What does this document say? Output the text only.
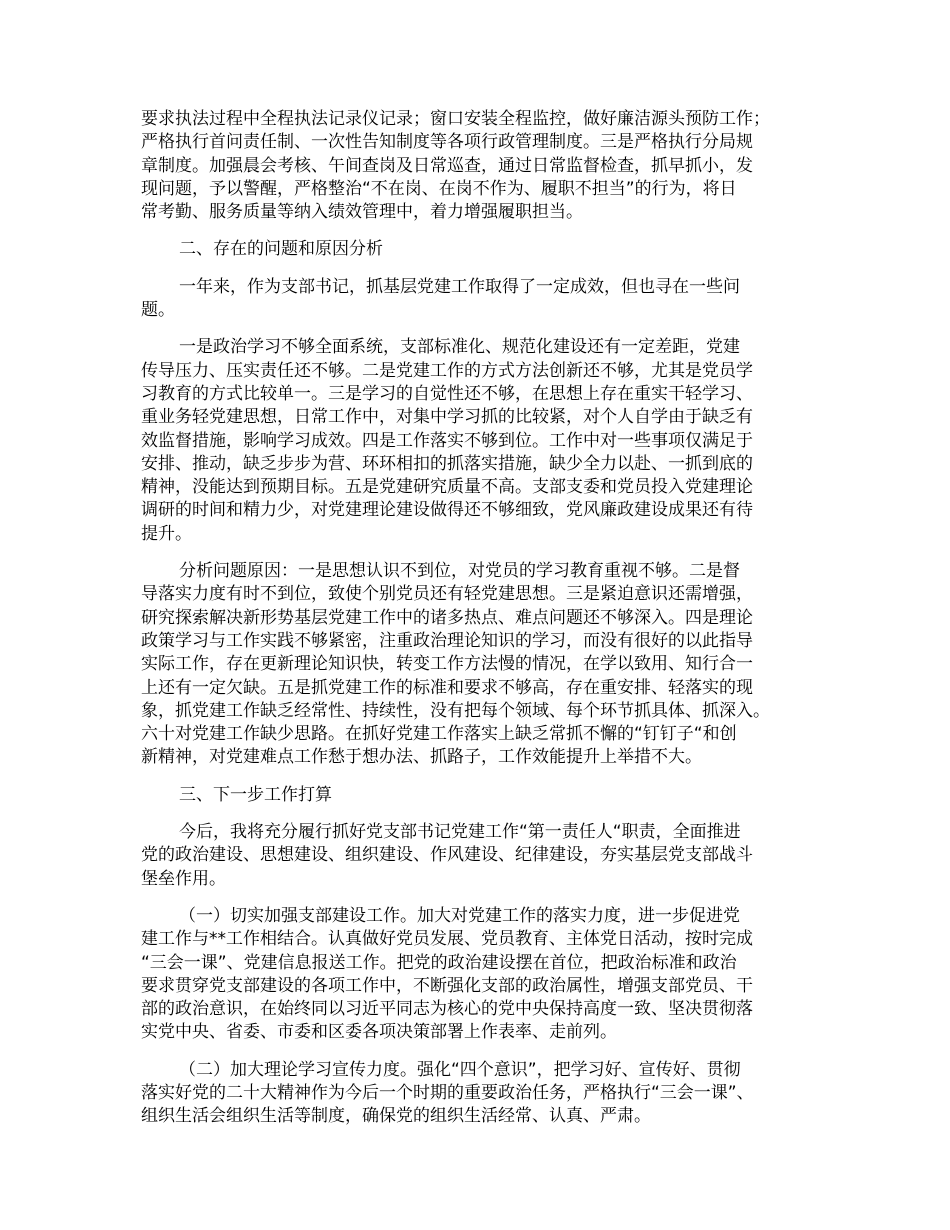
要求执法过程中全程执法记录仪记录；窗口安装全程监控，做好廉洁源头预防工作；
严格执行首问责任制、一次性告知制度等各项行政管理制度。三是严格执行分局规
章制度。加强晨会考核、午间查岗及日常巡查，通过日常监督检查，抓早抓小，发
现问题，予以警醒，严格整治“不在岗、在岗不作为、履职不担当”的行为，将日
常考勤、服务质量等纳入绩效管理中，着力增强履职担当。

二、存在的问题和原因分析

一年来，作为支部书记，抓基层党建工作取得了一定成效，但也寻在一些问
题。

一是政治学习不够全面系统，支部标准化、规范化建设还有一定差距，党建
传导压力、压实责任还不够。二是党建工作的方式方法创新还不够，尤其是党员学
习教育的方式比较单一。三是学习的自觉性还不够，在思想上存在重实干轻学习、
重业务轻党建思想，日常工作中，对集中学习抓的比较紧，对个人自学由于缺乏有
效监督措施，影响学习成效。四是工作落实不够到位。工作中对一些事项仅满足于
安排、推动，缺乏步步为营、环环相扣的抓落实措施，缺少全力以赴、一抓到底的
精神，没能达到预期目标。五是党建研究质量不高。支部支委和党员投入党建理论
调研的时间和精力少，对党建理论建设做得还不够细致，党风廉政建设成果还有待
提升。

分析问题原因：一是思想认识不到位，对党员的学习教育重视不够。二是督
导落实力度有时不到位，致使个别党员还有轻党建思想。三是紧迫意识还需增强，
研究探索解决新形势基层党建工作中的诸多热点、难点问题还不够深入。四是理论
政策学习与工作实践不够紧密，注重政治理论知识的学习，而没有很好的以此指导
实际工作，存在更新理论知识快，转变工作方法慢的情况，在学以致用、知行合一
上还有一定欠缺。五是抓党建工作的标准和要求不够高，存在重安排、轻落实的现
象，抓党建工作缺乏经常性、持续性，没有把每个领域、每个环节抓具体、抓深入。
六十对党建工作缺少思路。在抓好党建工作落实上缺乏常抓不懈的“钉钉子“和创
新精神，对党建难点工作愁于想办法、抓路子，工作效能提升上举措不大。

三、下一步工作打算

今后，我将充分履行抓好党支部书记党建工作“第一责任人“职责，全面推进
党的政治建设、思想建设、组织建设、作风建设、纪律建设，夯实基层党支部战斗
堡垒作用。

（一）切实加强支部建设工作。加大对党建工作的落实力度，进一步促进党
建工作与**工作相结合。认真做好党员发展、党员教育、主体党日活动，按时完成
“三会一课”、党建信息报送工作。把党的政治建设摆在首位，把政治标准和政治
要求贯穿党支部建设的各项工作中，不断强化支部的政治属性，增强支部党员、干
部的政治意识，在始终同以习近平同志为核心的党中央保持高度一致、坚决贯彻落
实党中央、省委、市委和区委各项决策部署上作表率、走前列。

（二）加大理论学习宣传力度。强化“四个意识”，把学习好、宣传好、贯彻
落实好党的二十大精神作为今后一个时期的重要政治任务，严格执行“三会一课”、
组织生活会组织生活等制度，确保党的组织生活经常、认真、严肃。
